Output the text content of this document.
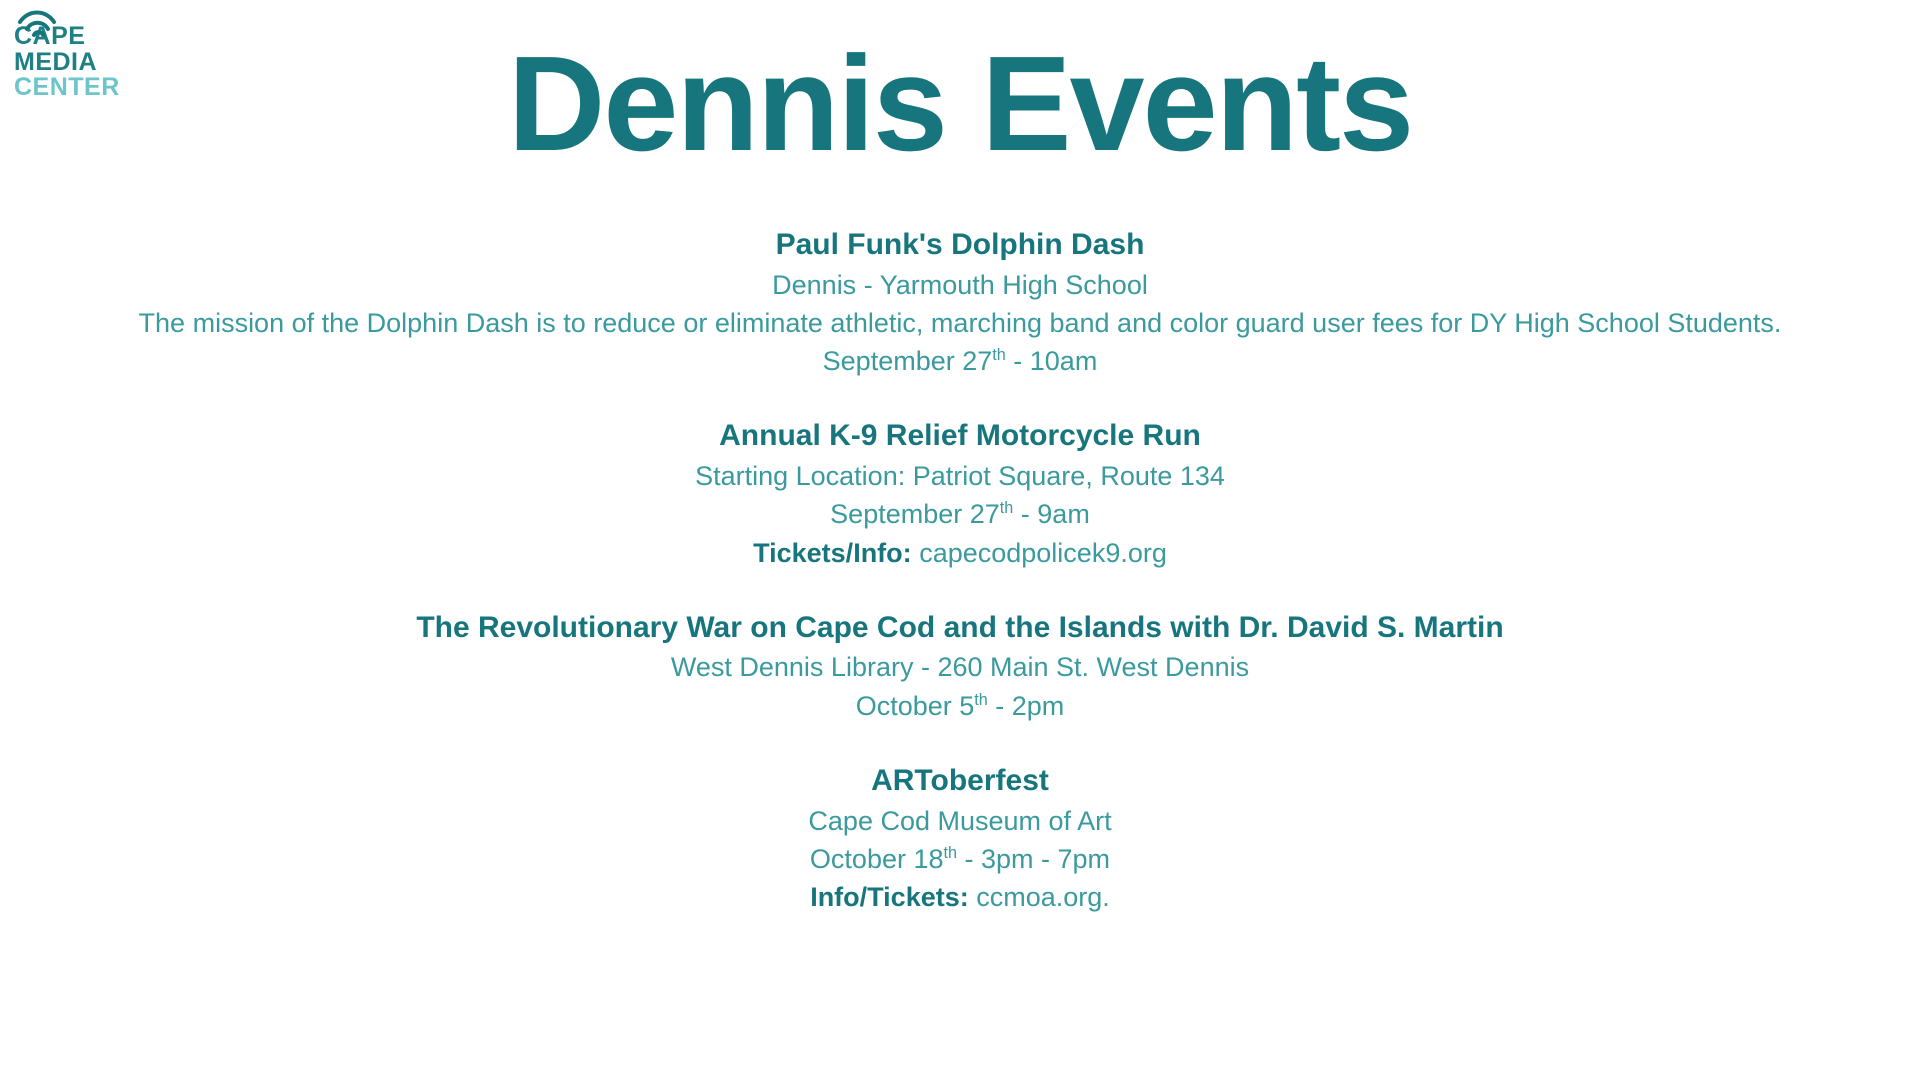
CAPE
MEDIA
CENTER	Dennis Events
Paul Funk's Dolphin Dash
Dennis - Yarmouth High School
The mission of the Dolphin Dash is to reduce or eliminate athletic, marching band and color guard user fees for DY High School Students.
September 27th - 10am
Annual K-9 Relief Motorcycle Run
Starting Location: Patriot Square, Route 134
September 27th - 9am
Tickets/Info: capecodpolicek9.org
The Revolutionary War on Cape Cod and the Islands with Dr. David S. Martin
West Dennis Library - 260 Main St. West Dennis
October 5th - 2pm
ARToberfest
Cape Cod Museum of Art
October 18th - 3pm - 7pm
Info/Tickets: ccmoa.org.
